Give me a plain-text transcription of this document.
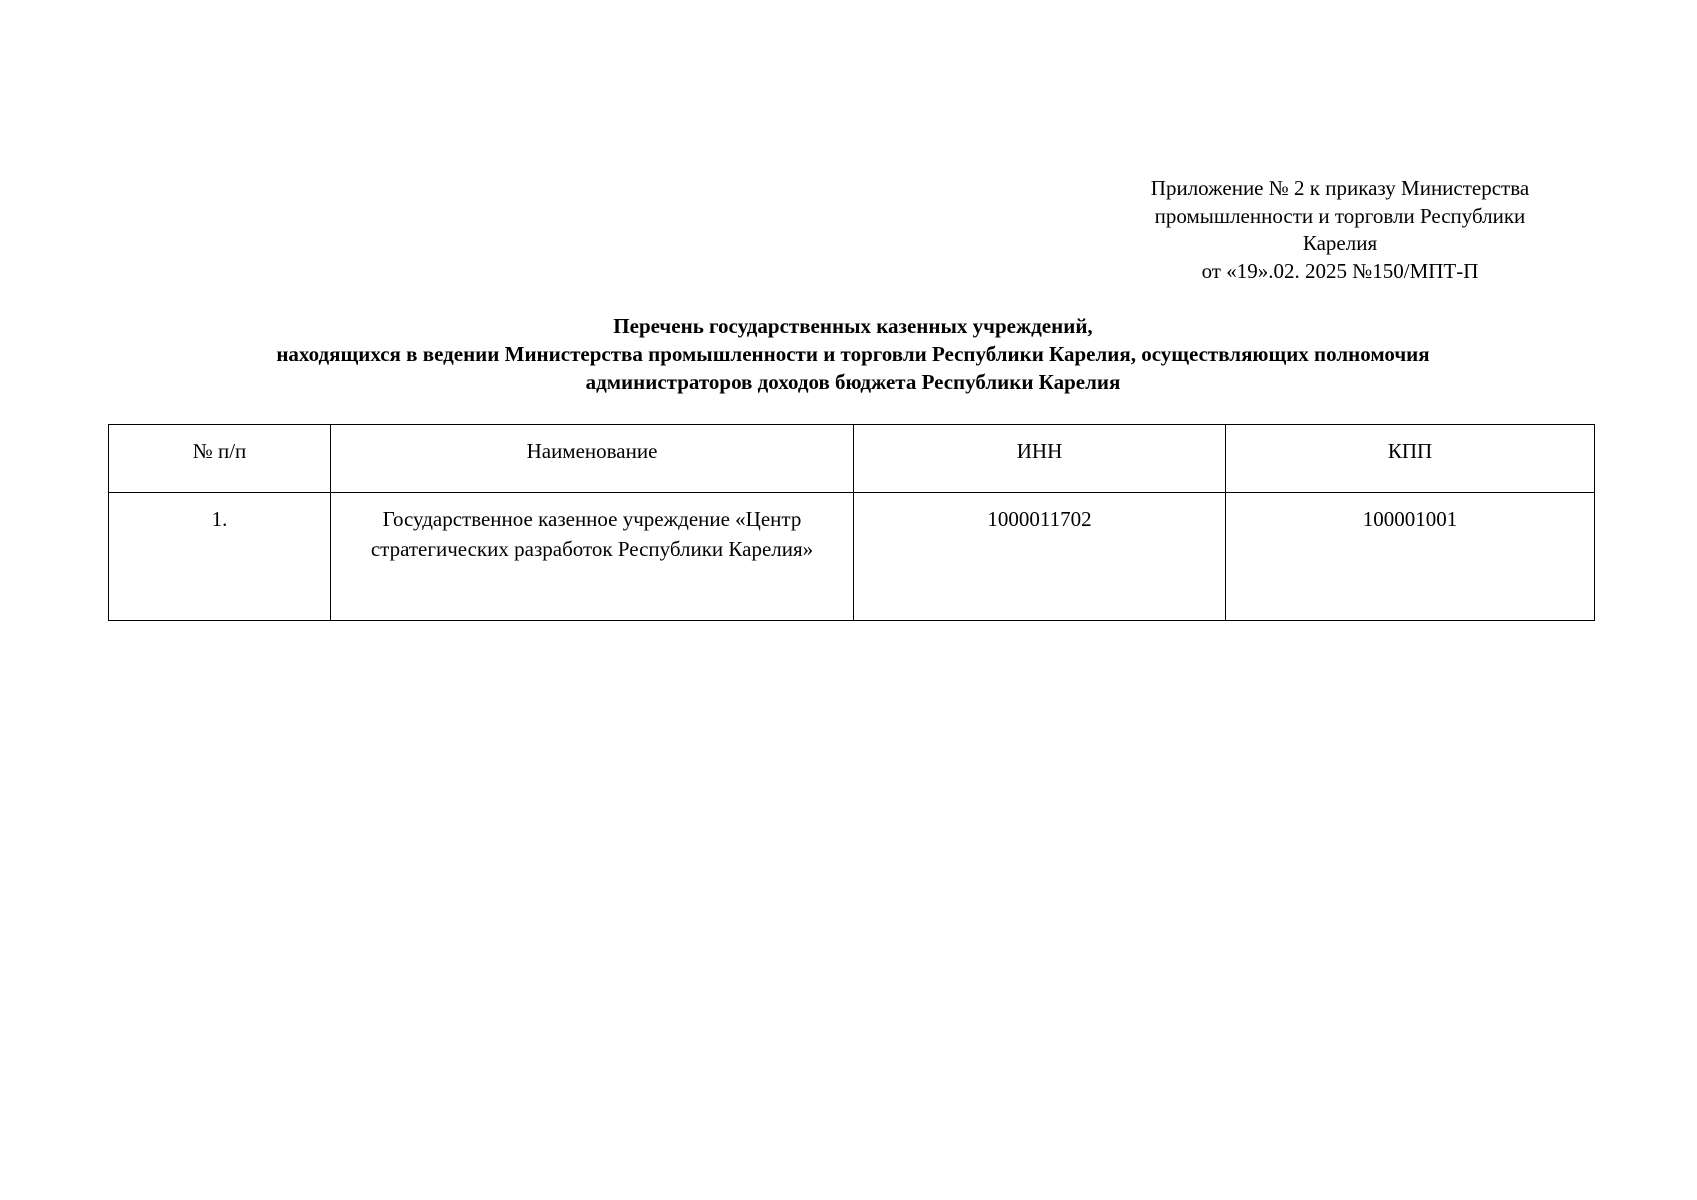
Приложение № 2 к приказу Министерства
промышленности и торговли Республики
Карелия
от «19».02. 2025 №150/МПТ-П
Перечень государственных казенных учреждений,
находящихся в ведении Министерства промышленности и торговли Республики Карелия, осуществляющих полномочия
администраторов доходов бюджета Республики Карелия
№ п/п	Наименование	ИНН	КПП
1.	Государственное казенное учреждение «Центр стратегических разработок Республики Карелия»	1000011702	100001001
